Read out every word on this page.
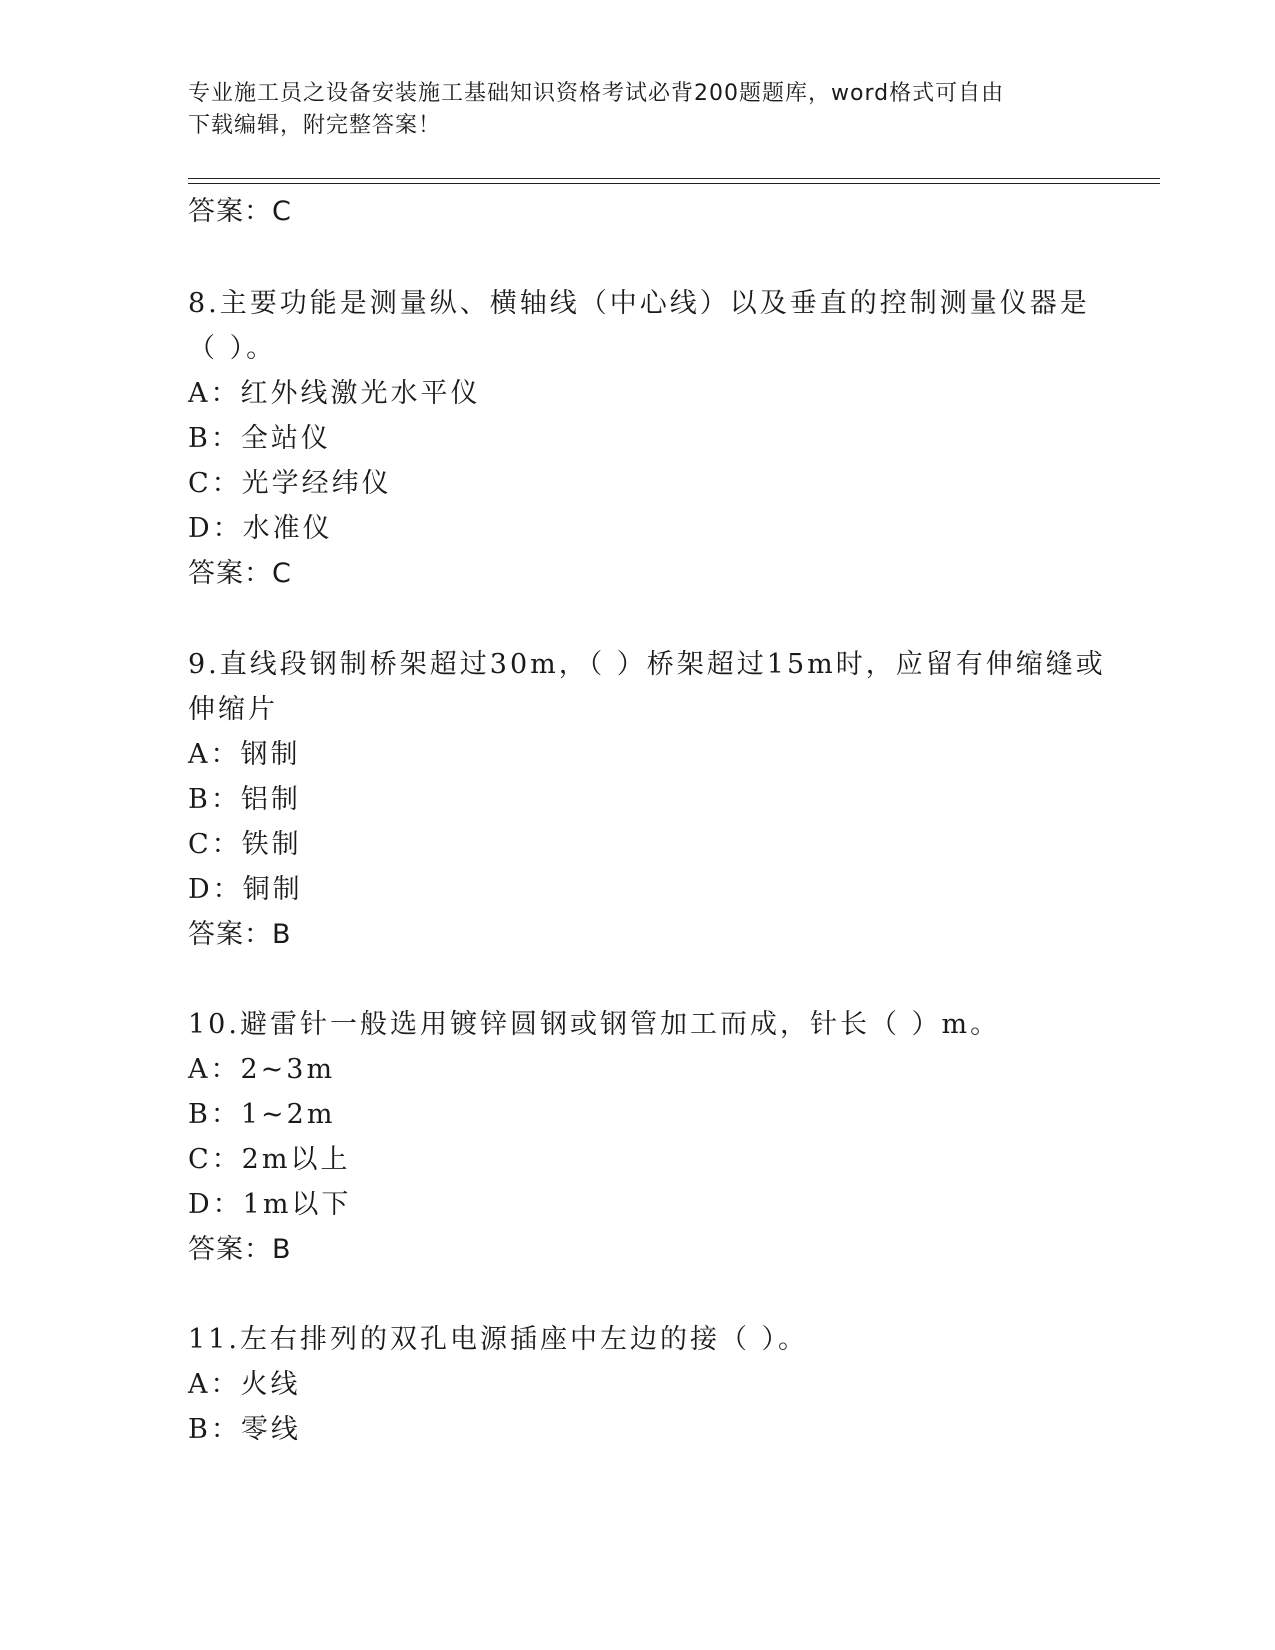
专业施工员之设备安装施工基础知识资格考试必背200题题库，word格式可自由
下载编辑，附完整答案！
答案：C
8.主要功能是测量纵、横轴线（中心线）以及垂直的控制测量仪器是
（ ）。
A：红外线激光水平仪
B：全站仪
C：光学经纬仪
D：水准仪
答案：C
9.直线段钢制桥架超过30m，（ ）桥架超过15m时，应留有伸缩缝或
伸缩片
A：钢制
B：铝制
C：铁制
D：铜制
答案：B
10.避雷针一般选用镀锌圆钢或钢管加工而成，针长（ ）m。
A：2~3m
B：1~2m
C：2m以上
D：1m以下
答案：B
11.左右排列的双孔电源插座中左边的接（ ）。
A：火线
B：零线
